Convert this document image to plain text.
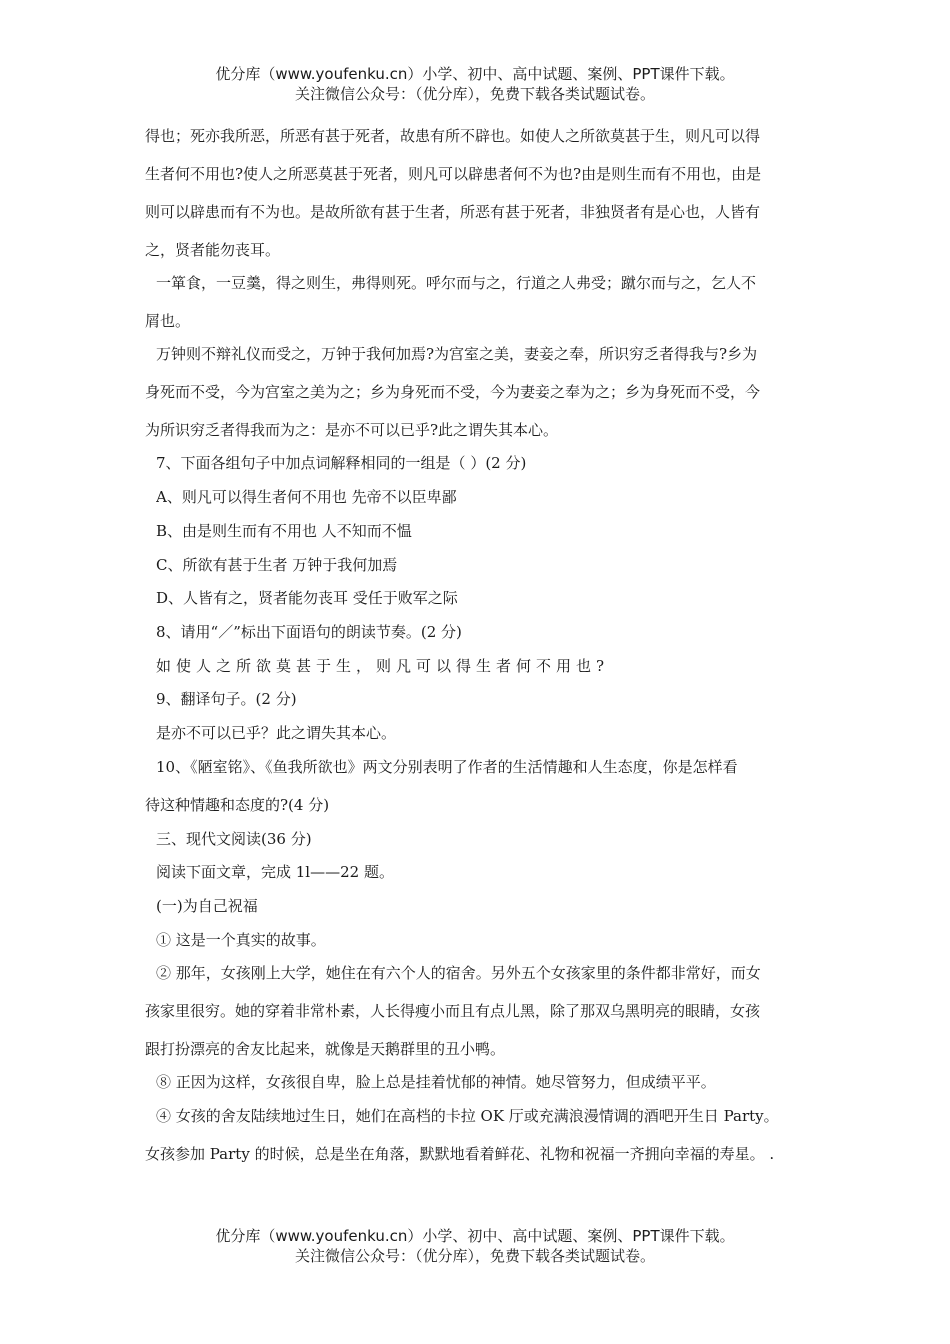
优分库（www.youfenku.cn）小学、初中、高中试题、案例、PPT课件下载。
关注微信公众号：（优分库），免费下载各类试题试卷。
得也；死亦我所恶，所恶有甚于死者，故患有所不辟也。如使人之所欲莫甚于生，则凡可以得
生者何不用也?使人之所恶莫甚于死者，则凡可以辟患者何不为也?由是则生而有不用也，由是
则可以辟患而有不为也。是故所欲有甚于生者，所恶有甚于死者，非独贤者有是心也，人皆有
之，贤者能勿丧耳。
一箪食，一豆羹，得之则生，弗得则死。呼尔而与之，行道之人弗受；蹴尔而与之，乞人不
屑也。
万钟则不辩礼仪而受之，万钟于我何加焉?为宫室之美，妻妾之奉，所识穷乏者得我与?乡为
身死而不受，今为宫室之美为之；乡为身死而不受，今为妻妾之奉为之；乡为身死而不受，今
为所识穷乏者得我而为之：是亦不可以已乎?此之谓失其本心。
7、下面各组句子中加点词解释相同的一组是（ ）(2 分)
A、则凡可以得生者何不用也 先帝不以臣卑鄙
B、由是则生而有不用也 人不知而不愠
C、所欲有甚于生者 万钟于我何加焉
D、人皆有之，贤者能勿丧耳 受任于败军之际
8、请用“／”标出下面语句的朗读节奏。(2 分)
如使人之所欲莫甚于生，则凡可以得生者何不用也?
9、翻译句子。(2 分)
是亦不可以已乎？此之谓失其本心。
10、《陋室铭》、《鱼我所欲也》两文分别表明了作者的生活情趣和人生态度，你是怎样看
待这种情趣和态度的?(4 分)
三、现代文阅读(36 分)
阅读下面文章，完成 1l——22 题。
(一)为自己祝福
① 这是一个真实的故事。
② 那年，女孩刚上大学，她住在有六个人的宿舍。另外五个女孩家里的条件都非常好，而女
孩家里很穷。她的穿着非常朴素，人长得瘦小而且有点儿黑，除了那双乌黑明亮的眼睛，女孩
跟打扮漂亮的舍友比起来，就像是天鹅群里的丑小鸭。
⑧ 正因为这样，女孩很自卑，脸上总是挂着忧郁的神情。她尽管努力，但成绩平平。
④ 女孩的舍友陆续地过生日，她们在高档的卡拉 OK 厅或充满浪漫情调的酒吧开生日 Party。
女孩参加 Party 的时候，总是坐在角落，默默地看着鲜花、礼物和祝福一齐拥向幸福的寿星。 .
优分库（www.youfenku.cn）小学、初中、高中试题、案例、PPT课件下载。
关注微信公众号：（优分库），免费下载各类试题试卷。
